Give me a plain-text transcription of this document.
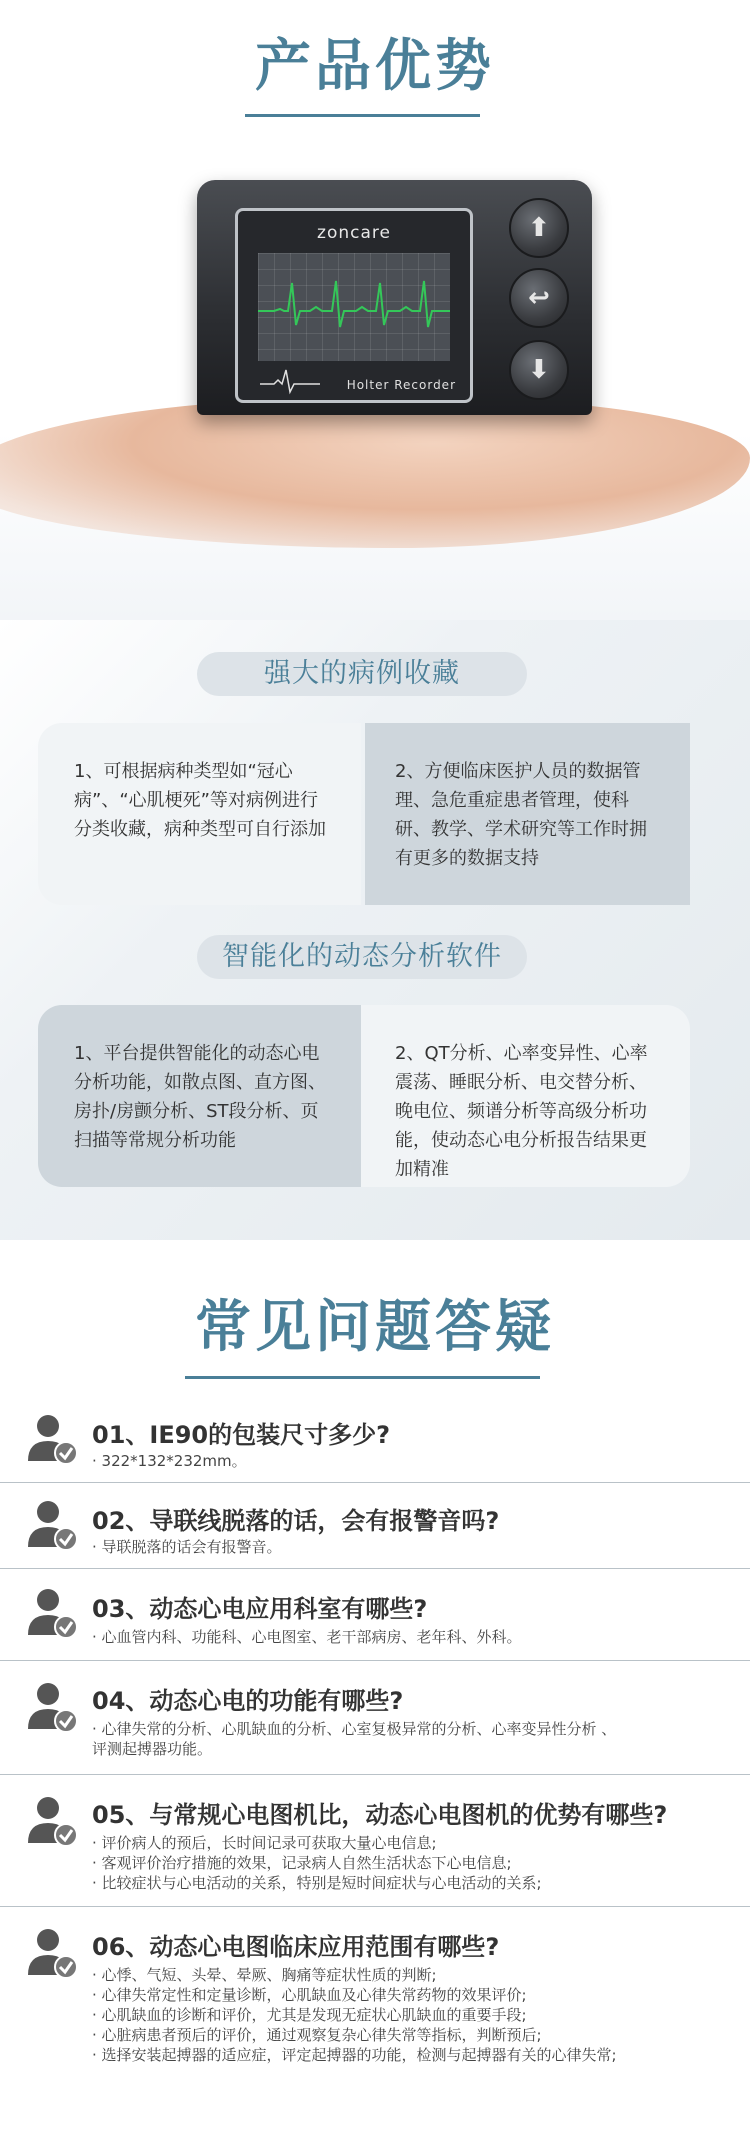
产品优势
zoncare
Holter Recorder
⬆
↩
⬇
强大的病例收藏
1、可根据病种类型如“冠心病”、“心肌梗死”等对病例进行分类收藏，病种类型可自行添加
2、方便临床医护人员的数据管理、急危重症患者管理，使科研、教学、学术研究等工作时拥有更多的数据支持
智能化的动态分析软件
1、平台提供智能化的动态心电分析功能，如散点图、直方图、房扑/房颤分析、ST段分析、页扫描等常规分析功能
2、QT分析、心率变异性、心率震荡、睡眠分析、电交替分析、晚电位、频谱分析等高级分析功能，使动态心电分析报告结果更加精准
常见问题答疑
01、IE90的包装尺寸多少?
· 322*132*232mm。
02、导联线脱落的话，会有报警音吗?
· 导联脱落的话会有报警音。
03、动态心电应用科室有哪些?
· 心血管内科、功能科、心电图室、老干部病房、老年科、外科。
04、动态心电的功能有哪些?
· 心律失常的分析、心肌缺血的分析、心室复极异常的分析、心率变异性分析 、
评测起搏器功能。
05、与常规心电图机比，动态心电图机的优势有哪些?
· 评价病人的预后，长时间记录可获取大量心电信息;
· 客观评价治疗措施的效果，记录病人自然生活状态下心电信息;
· 比较症状与心电活动的关系，特别是短时间症状与心电活动的关系;
06、动态心电图临床应用范围有哪些?
· 心悸、气短、头晕、晕厥、胸痛等症状性质的判断;
· 心律失常定性和定量诊断，心肌缺血及心律失常药物的效果评价;
· 心肌缺血的诊断和评价，尤其是发现无症状心肌缺血的重要手段;
· 心脏病患者预后的评价，通过观察复杂心律失常等指标，判断预后;
· 选择安装起搏器的适应症，评定起搏器的功能，检测与起搏器有关的心律失常;
